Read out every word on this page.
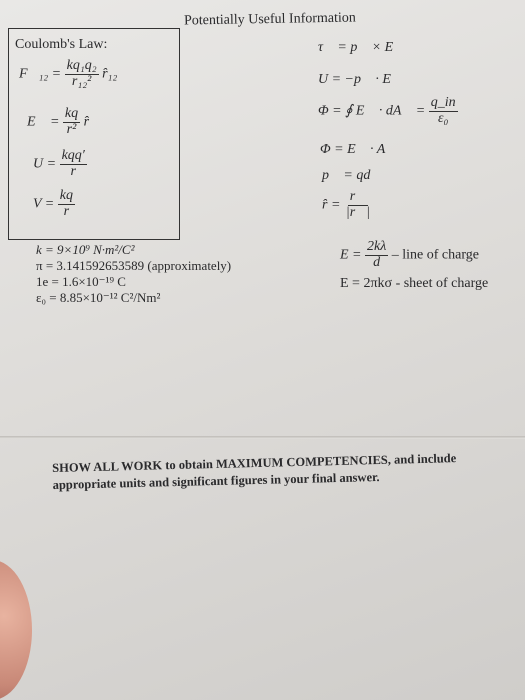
Potentially Useful Information
Coulomb's Law:
F⃗₁₂ = $\frac{\text{kq₁q₂}}{\text{r₁₂²}}$ r̂₁₂
E⃗ = $\frac{kq}{\text{r²}}$ r̂
$U = \frac{\text{kqq′}}{r}$
$V = \frac{kq}{r}$
τ⃗ = p⃗ × E⃗
U = −p⃗ · E⃗
Φ = ∮ E⃗ · dA⃗ = $\frac{q\_in}{\text{ε₀}}$
Φ = E⃗ · A⃗
p⃗ = qd⃗
r̂ = $\frac{r⃗}{|r⃗|}$
k = 9×10⁹ N·m²/C²
π = 3.141592653589 (approximately)
1e = 1.6×10⁻¹⁹ C
ε₀ = 8.85×10⁻¹² C²/Nm²
$E = \frac{2k\lambda}{d}$ – line of charge
E = 2πkσ - sheet of charge
SHOW ALL WORK to obtain MAXIMUM COMPETENCIES, and include appropriate units and significant figures in your final answer.
